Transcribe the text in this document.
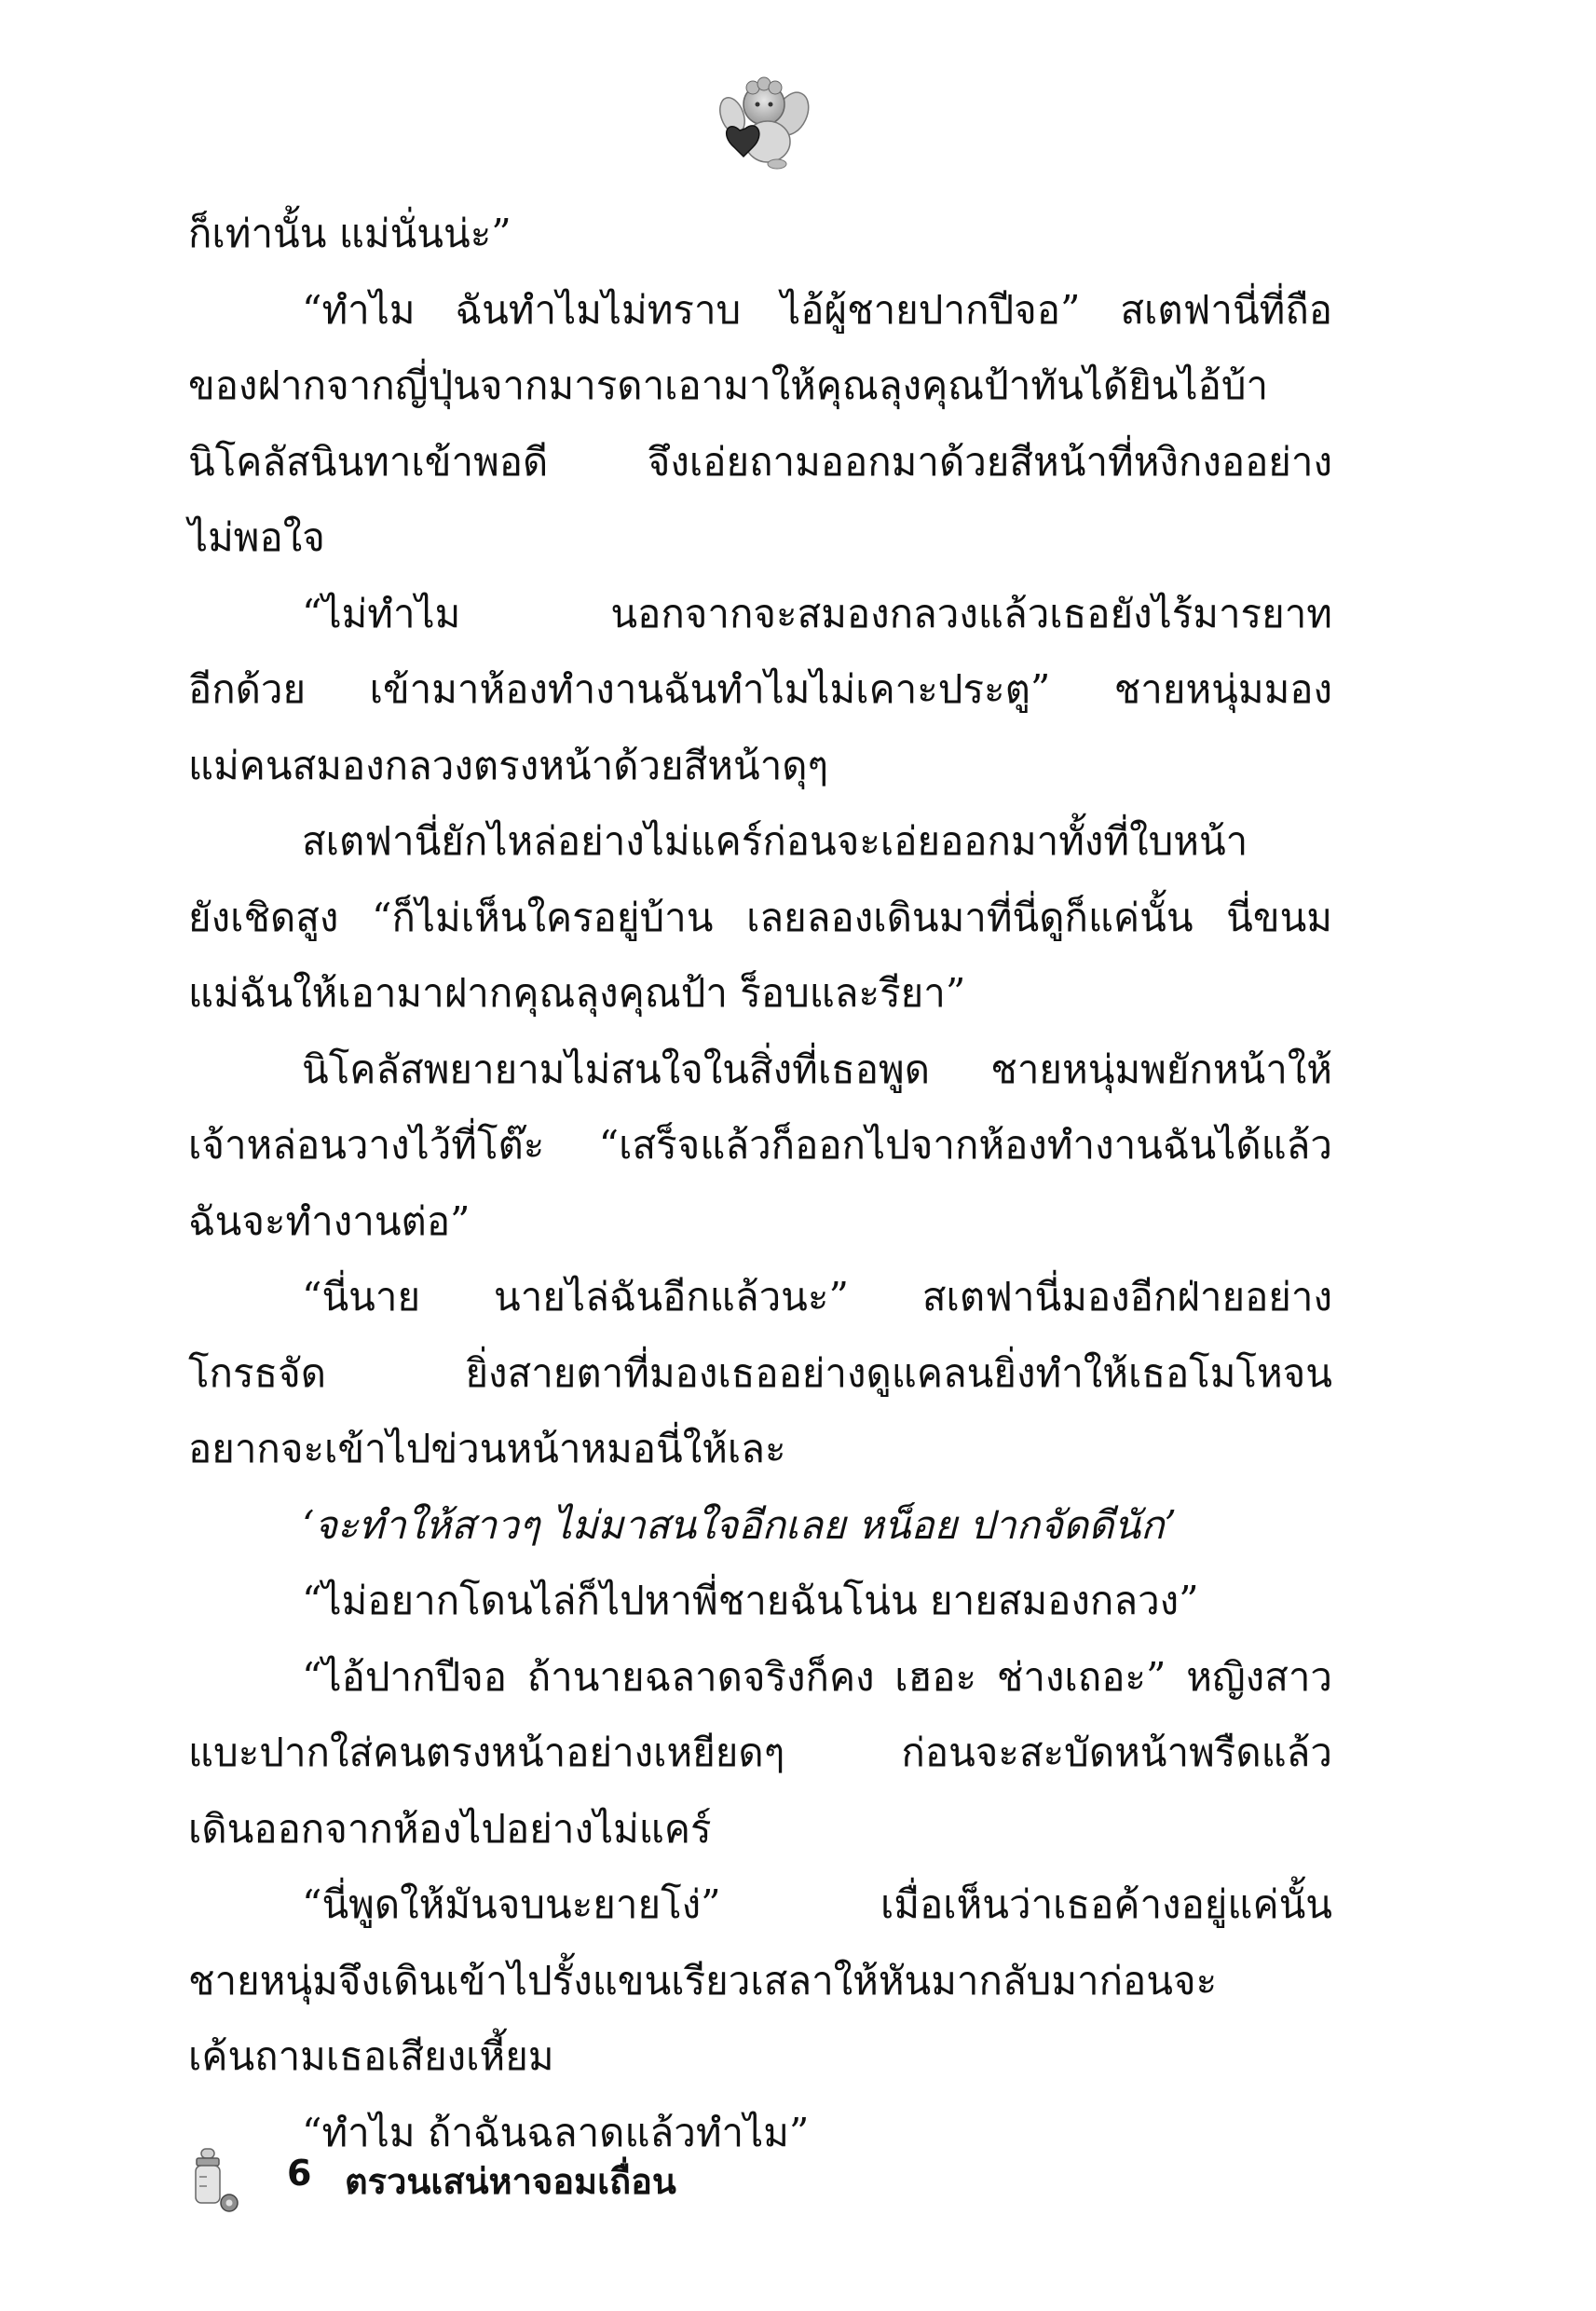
ก็เท่านั้น แม่นั่นน่ะ”
“ทำไม ฉันทำไมไม่ทราบ ไอ้ผู้ชายปากปีจอ” สเตฟานี่ที่ถือ
ของฝากจากญี่ปุ่นจากมารดาเอามาให้คุณลุงคุณป้าทันได้ยินไอ้บ้า
นิโคลัสนินทาเข้าพอดี จึงเอ่ยถามออกมาด้วยสีหน้าที่หงิกงออย่าง
ไม่พอใจ
“ไม่ทำไม นอกจากจะสมองกลวงแล้วเธอยังไร้มารยาท
อีกด้วย เข้ามาห้องทำงานฉันทำไมไม่เคาะประตู” ชายหนุ่มมอง
แม่คนสมองกลวงตรงหน้าด้วยสีหน้าดุๆ
สเตฟานี่ยักไหล่อย่างไม่แคร์ก่อนจะเอ่ยออกมาทั้งที่ใบหน้า
ยังเชิดสูง “ก็ไม่เห็นใครอยู่บ้าน เลยลองเดินมาที่นี่ดูก็แค่นั้น นี่ขนม
แม่ฉันให้เอามาฝากคุณลุงคุณป้า ร็อบและรียา”
นิโคลัสพยายามไม่สนใจในสิ่งที่เธอพูด ชายหนุ่มพยักหน้าให้
เจ้าหล่อนวางไว้ที่โต๊ะ “เสร็จแล้วก็ออกไปจากห้องทำงานฉันได้แล้ว
ฉันจะทำงานต่อ”
“นี่นาย นายไล่ฉันอีกแล้วนะ” สเตฟานี่มองอีกฝ่ายอย่าง
โกรธจัด ยิ่งสายตาที่มองเธออย่างดูแคลนยิ่งทำให้เธอโมโหจน
อยากจะเข้าไปข่วนหน้าหมอนี่ให้เละ
‘จะทำให้สาวๆ ไม่มาสนใจอีกเลย หน็อย ปากจัดดีนัก’
“ไม่อยากโดนไล่ก็ไปหาพี่ชายฉันโน่น ยายสมองกลวง”
“ไอ้ปากปีจอ ถ้านายฉลาดจริงก็คง เฮอะ ช่างเถอะ” หญิงสาว
แบะปากใส่คนตรงหน้าอย่างเหยียดๆ ก่อนจะสะบัดหน้าพรืดแล้ว
เดินออกจากห้องไปอย่างไม่แคร์
“นี่พูดให้มันจบนะยายโง่” เมื่อเห็นว่าเธอค้างอยู่แค่นั้น
ชายหนุ่มจึงเดินเข้าไปรั้งแขนเรียวเสลาให้หันมากลับมาก่อนจะ
เค้นถามเธอเสียงเหี้ยม
“ทำไม ถ้าฉันฉลาดแล้วทำไม”
6 ตรวนเสน่หาจอมเถื่อน
